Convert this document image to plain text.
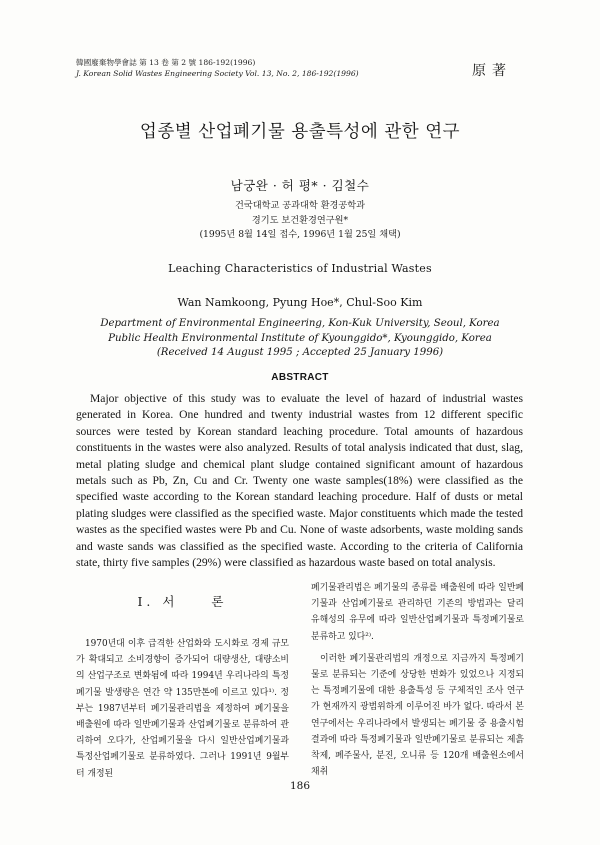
韓國廢棄物學會誌 第 13 卷 第 2 號 186-192(1996)
J. Korean Solid Wastes Engineering Society Vol. 13, No. 2, 186-192(1996)	原著
업종별 산업폐기물 용출특성에 관한 연구
남궁완 · 허 평* · 김철수
건국대학교 공과대학 환경공학과
경기도 보건환경연구원*
(1995년 8월 14일 접수, 1996년 1월 25일 채택)
Leaching Characteristics of Industrial Wastes
Wan Namkoong, Pyung Hoe*, Chul-Soo Kim
Department of Environmental Engineering, Kon-Kuk University, Seoul, Korea
Public Health Environmental Institute of Kyounggido*, Kyounggido, Korea
(Received 14 August 1995 ; Accepted 25 January 1996)
ABSTRACT

Major objective of this study was to evaluate the level of hazard of industrial wastes generated in Korea. One hundred and twenty industrial wastes from 12 different specific sources were tested by Korean standard leaching procedure. Total amounts of hazardous constituents in the wastes were also analyzed. Results of total analysis indicated that dust, slag, metal plating sludge and chemical plant sludge contained significant amount of hazardous metals such as Pb, Zn, Cu and Cr. Twenty one waste samples(18%) were classified as the specified waste according to the Korean standard leaching procedure. Half of dusts or metal plating sludges were classified as the specified waste. Major constituents which made the tested wastes as the specified wastes were Pb and Cu. None of waste adsorbents, waste molding sands and waste sands was classified as the specified waste. According to the criteria of California state, thirty five samples (29%) were classified as hazardous waste based on total analysis.

Ⅰ. 서　　론

1970년대 이후 급격한 산업화와 도시화로 경제 규모가 확대되고 소비경향이 증가되어 대량생산, 대량소비의 산업구조로 변화됨에 따라 1994년 우리나라의 특정폐기물 발생량은 연간 약 135만톤에 이르고 있다¹⁾. 정부는 1987년부터 폐기물관리법을 제정하여 폐기물을 배출원에 따라 일반폐기물과 산업폐기물로 분류하여 관리하여 오다가, 산업폐기물을 다시 일반산업폐기물과 특정산업폐기물로 분류하였다. 그러나 1991년 9월부터 개정된

폐기물관리법은 폐기물의 종류를 배출원에 따라 일반폐기물과 산업폐기물로 관리하던 기존의 방법과는 달리 유해성의 유무에 따라 일반산업폐기물과 특정폐기물로 분류하고 있다²⁾.

이러한 폐기물관리법의 개정으로 지금까지 특정폐기물로 분류되는 기준에 상당한 변화가 있었으나 지정되는 특정폐기물에 대한 용출특성 등 구체적인 조사 연구가 현재까지 광범위하게 이루어진 바가 없다. 따라서 본 연구에서는 우리나라에서 발생되는 폐기물 중 용출시험결과에 따라 특정폐기물과 일반폐기물로 분류되는 제흙착제, 폐주물사, 분진, 오니류 등 120개 배출원소에서 채취

186
